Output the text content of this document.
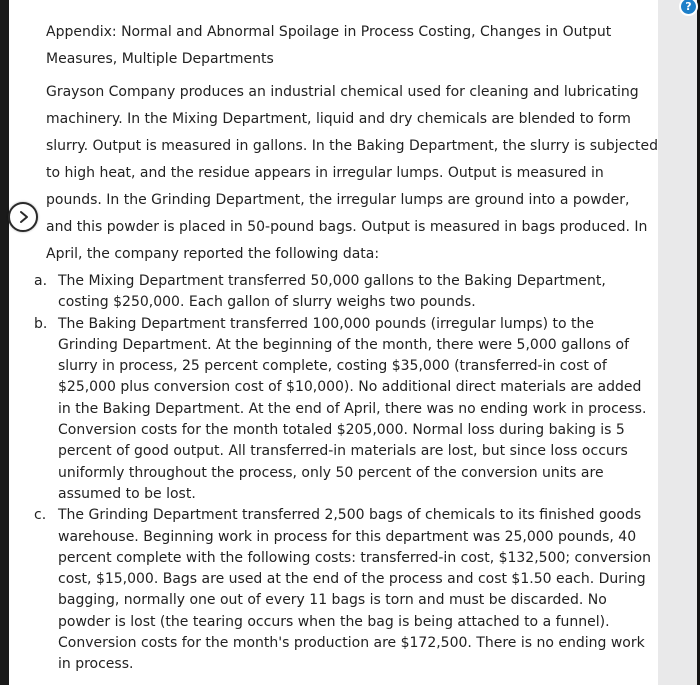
?

Appendix: Normal and Abnormal Spoilage in Process Costing, Changes in Output Measures, Multiple Departments

Grayson Company produces an industrial chemical used for cleaning and lubricating machinery. In the Mixing Department, liquid and dry chemicals are blended to form slurry. Output is measured in gallons. In the Baking Department, the slurry is subjected to high heat, and the residue appears in irregular lumps. Output is measured in pounds. In the Grinding Department, the irregular lumps are ground into a powder, and this powder is placed in 50-pound bags. Output is measured in bags produced. In April, the company reported the following data:

a. The Mixing Department transferred 50,000 gallons to the Baking Department, costing $250,000. Each gallon of slurry weighs two pounds.
b. The Baking Department transferred 100,000 pounds (irregular lumps) to the Grinding Department. At the beginning of the month, there were 5,000 gallons of slurry in process, 25 percent complete, costing $35,000 (transferred-in cost of $25,000 plus conversion cost of $10,000). No additional direct materials are added in the Baking Department. At the end of April, there was no ending work in process. Conversion costs for the month totaled $205,000. Normal loss during baking is 5 percent of good output. All transferred-in materials are lost, but since loss occurs uniformly throughout the process, only 50 percent of the conversion units are assumed to be lost.
c. The Grinding Department transferred 2,500 bags of chemicals to its finished goods warehouse. Beginning work in process for this department was 25,000 pounds, 40 percent complete with the following costs: transferred-in cost, $132,500; conversion cost, $15,000. Bags are used at the end of the process and cost $1.50 each. During bagging, normally one out of every 11 bags is torn and must be discarded. No powder is lost (the tearing occurs when the bag is being attached to a funnel). Conversion costs for the month's production are $172,500. There is no ending work in process.
